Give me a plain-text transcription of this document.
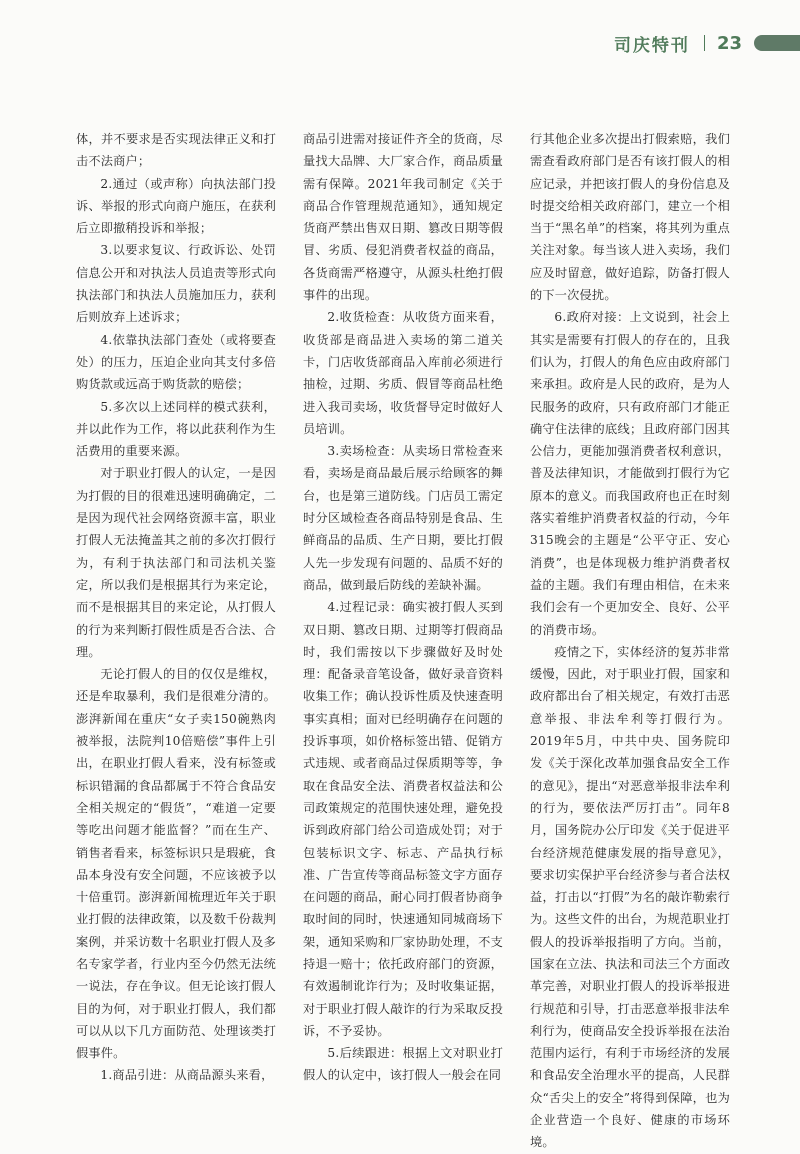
司庆特刊 23

体，并不要求是否实现法律正义和打击不法商户；

2.通过（或声称）向执法部门投诉、举报的形式向商户施压，在获利后立即撤稍投诉和举报；

3.以要求复议、行政诉讼、处罚信息公开和对执法人员追责等形式向执法部门和执法人员施加压力，获利后则放弃上述诉求；

4.依靠执法部门查处（或将要查处）的压力，压迫企业向其支付多倍购货款或远高于购货款的赔偿；

5.多次以上述同样的模式获利，并以此作为工作，将以此获利作为生活费用的重要来源。

对于职业打假人的认定，一是因为打假的目的很难迅速明确确定，二是因为现代社会网络资源丰富，职业打假人无法掩盖其之前的多次打假行为，有利于执法部门和司法机关鉴定，所以我们是根据其行为来定论，而不是根据其目的来定论，从打假人的行为来判断打假性质是否合法、合理。

无论打假人的目的仅仅是维权，还是牟取暴利，我们是很难分清的。澎湃新闻在重庆“女子卖150碗熟肉被举报，法院判10倍赔偿”事件上引出，在职业打假人看来，没有标签或标识错漏的食品都属于不符合食品安全相关规定的“假货”，“难道一定要等吃出问题才能监督？”而在生产、销售者看来，标签标识只是瑕疵，食品本身没有安全问题，不应该被予以十倍重罚。澎湃新闻梳理近年关于职业打假的法律政策，以及数千份裁判案例，并采访数十名职业打假人及多名专家学者，行业内至今仍然无法统一说法，存在争议。但无论该打假人目的为何，对于职业打假人，我们都可以从以下几方面防范、处理该类打假事件。

1.商品引进：从商品源头来看，

商品引进需对接证件齐全的货商，尽量找大品牌、大厂家合作，商品质量需有保障。2021年我司制定《关于商品合作管理规范通知》，通知规定货商严禁出售双日期、篡改日期等假冒、劣质、侵犯消费者权益的商品，各货商需严格遵守，从源头杜绝打假事件的出现。

2.收货检查：从收货方面来看，收货部是商品进入卖场的第二道关卡，门店收货部商品入库前必须进行抽检，过期、劣质、假冒等商品杜绝进入我司卖场，收货督导定时做好人员培训。

3.卖场检查：从卖场日常检查来看，卖场是商品最后展示给顾客的舞台，也是第三道防线。门店员工需定时分区域检查各商品特别是食品、生鲜商品的品质、生产日期，要比打假人先一步发现有问题的、品质不好的商品，做到最后防线的差缺补漏。

4.过程记录：确实被打假人买到双日期、篡改日期、过期等打假商品时，我们需按以下步骤做好及时处理：配备录音笔设备，做好录音资料收集工作；确认投诉性质及快速查明事实真相；面对已经明确存在问题的投诉事项，如价格标签出错、促销方式违规、或者商品过保质期等等，争取在食品安全法、消费者权益法和公司政策规定的范围快速处理，避免投诉到政府部门给公司造成处罚；对于包装标识文字、标志、产品执行标准、广告宣传等商品标签文字方面存在问题的商品，耐心同打假者协商争取时间的同时，快速通知同城商场下架，通知采购和厂家协助处理，不支持退一赔十；依托政府部门的资源，有效遏制讹诈行为；及时收集证据，对于职业打假人敲诈的行为采取反投诉，不予妥协。

5.后续跟进：根据上文对职业打假人的认定中，该打假人一般会在同

行其他企业多次提出打假索赔，我们需查看政府部门是否有该打假人的相应记录，并把该打假人的身份信息及时提交给相关政府部门，建立一个相当于“黑名单”的档案，将其列为重点关注对象。每当该人进入卖场，我们应及时留意，做好追踪，防备打假人的下一次侵扰。

6.政府对接：上文说到，社会上其实是需要有打假人的存在的，且我们认为，打假人的角色应由政府部门来承担。政府是人民的政府，是为人民服务的政府，只有政府部门才能正确守住法律的底线；且政府部门因其公信力，更能加强消费者权利意识，普及法律知识，才能做到打假行为它原本的意义。而我国政府也正在时刻落实着维护消费者权益的行动，今年315晚会的主题是“公平守正、安心消费”，也是体现极力维护消费者权益的主题。我们有理由相信，在未来我们会有一个更加安全、良好、公平的消费市场。

疫情之下，实体经济的复苏非常缓慢，因此，对于职业打假，国家和政府都出台了相关规定，有效打击恶意举报、非法牟利等打假行为。2019年5月，中共中央、国务院印发《关于深化改革加强食品安全工作的意见》，提出“对恶意举报非法牟利的行为，要依法严厉打击”。同年8月，国务院办公厅印发《关于促进平台经济规范健康发展的指导意见》，要求切实保护平台经济参与者合法权益，打击以“打假”为名的敲诈勒索行为。这些文件的出台，为规范职业打假人的投诉举报指明了方向。当前，国家在立法、执法和司法三个方面改革完善，对职业打假人的投诉举报进行规范和引导，打击恶意举报非法牟利行为，使商品安全投诉举报在法治范围内运行，有利于市场经济的发展和食品安全治理水平的提高，人民群众“舌尖上的安全”将得到保障，也为企业营造一个良好、健康的市场环境。
